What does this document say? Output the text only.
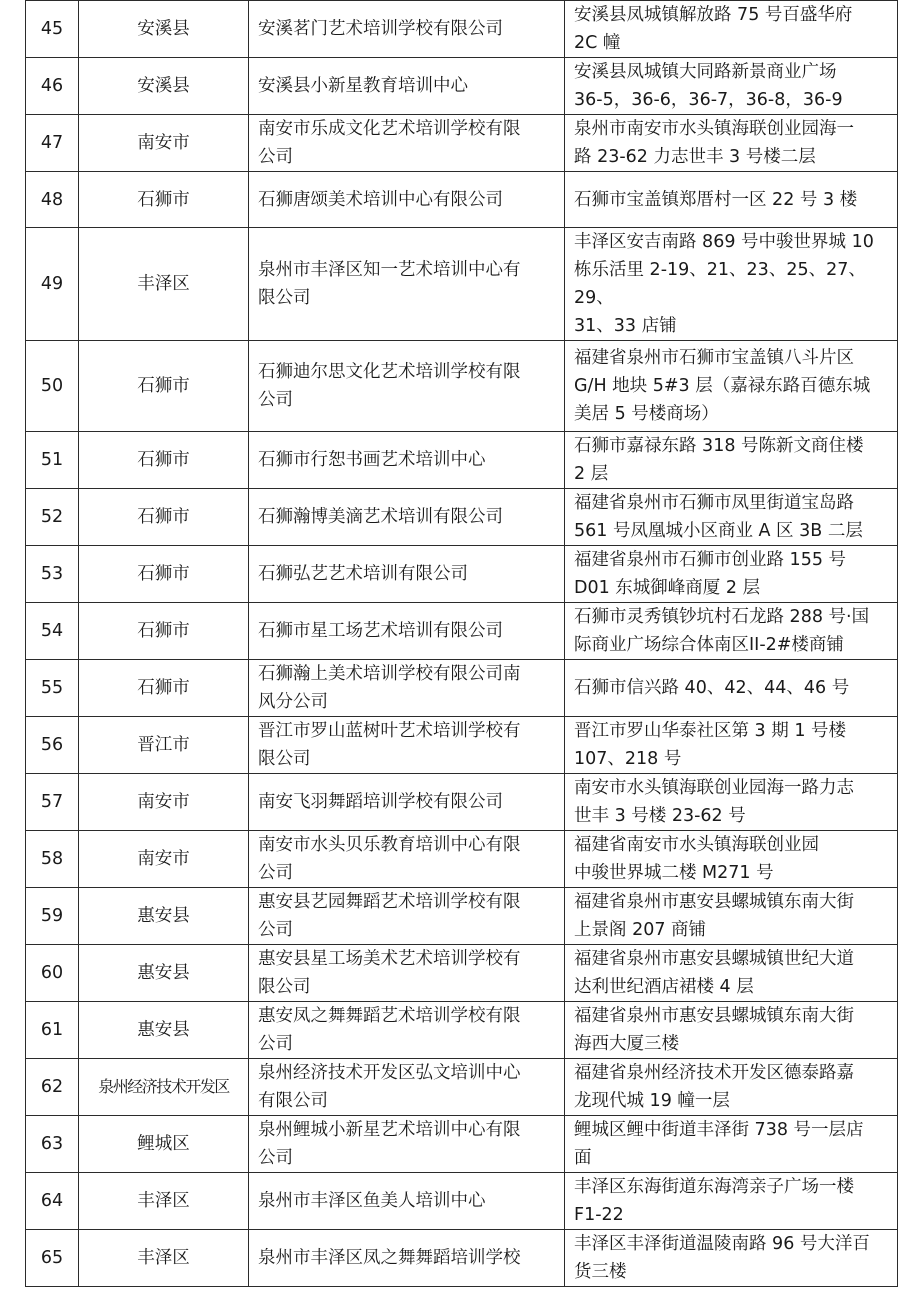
45	安溪县	安溪茗门艺术培训学校有限公司	安溪县凤城镇解放路 75 号百盛华府
2C 幢
46	安溪县	安溪县小新星教育培训中心	安溪县凤城镇大同路新景商业广场
36-5，36-6，36-7，36-8，36-9
47	南安市	南安市乐成文化艺术培训学校有限
公司	泉州市南安市水头镇海联创业园海一
路 23-62 力志世丰 3 号楼二层
48	石狮市	石狮唐颂美术培训中心有限公司	石狮市宝盖镇郑厝村一区 22 号 3 楼
49	丰泽区	泉州市丰泽区知一艺术培训中心有
限公司	丰泽区安吉南路 869 号中骏世界城 10
栋乐活里 2-19、21、23、25、27、29、
31、33 店铺
50	石狮市	石狮迪尔思文化艺术培训学校有限
公司	福建省泉州市石狮市宝盖镇八斗片区
G/H 地块 5#3 层（嘉禄东路百德东城
美居 5 号楼商场）
51	石狮市	石狮市行恕书画艺术培训中心	石狮市嘉禄东路 318 号陈新文商住楼
2 层
52	石狮市	石狮瀚博美滴艺术培训有限公司	福建省泉州市石狮市凤里街道宝岛路
561 号凤凰城小区商业 A 区 3B 二层
53	石狮市	石狮弘艺艺术培训有限公司	福建省泉州市石狮市创业路 155 号
D01 东城御峰商厦 2 层
54	石狮市	石狮市星工场艺术培训有限公司	石狮市灵秀镇钞坑村石龙路 288 号·国
际商业广场综合体南区II-2#楼商铺
55	石狮市	石狮瀚上美术培训学校有限公司南
风分公司	石狮市信兴路 40、42、44、46 号
56	晋江市	晋江市罗山蓝树叶艺术培训学校有
限公司	晋江市罗山华泰社区第 3 期 1 号楼
107、218 号
57	南安市	南安飞羽舞蹈培训学校有限公司	南安市水头镇海联创业园海一路力志
世丰 3 号楼 23-62 号
58	南安市	南安市水头贝乐教育培训中心有限
公司	福建省南安市水头镇海联创业园
中骏世界城二楼 M271 号
59	惠安县	惠安县艺园舞蹈艺术培训学校有限
公司	福建省泉州市惠安县螺城镇东南大街
上景阁 207 商铺
60	惠安县	惠安县星工场美术艺术培训学校有
限公司	福建省泉州市惠安县螺城镇世纪大道
达利世纪酒店裙楼 4 层
61	惠安县	惠安凤之舞舞蹈艺术培训学校有限
公司	福建省泉州市惠安县螺城镇东南大街
海西大厦三楼
62	泉州经济技术开发区	泉州经济技术开发区弘文培训中心
有限公司	福建省泉州经济技术开发区德泰路嘉
龙现代城 19 幢一层
63	鲤城区	泉州鲤城小新星艺术培训中心有限
公司	鲤城区鲤中街道丰泽街 738 号一层店
面
64	丰泽区	泉州市丰泽区鱼美人培训中心	丰泽区东海街道东海湾亲子广场一楼
F1-22
65	丰泽区	泉州市丰泽区凤之舞舞蹈培训学校	丰泽区丰泽街道温陵南路 96 号大洋百
货三楼
